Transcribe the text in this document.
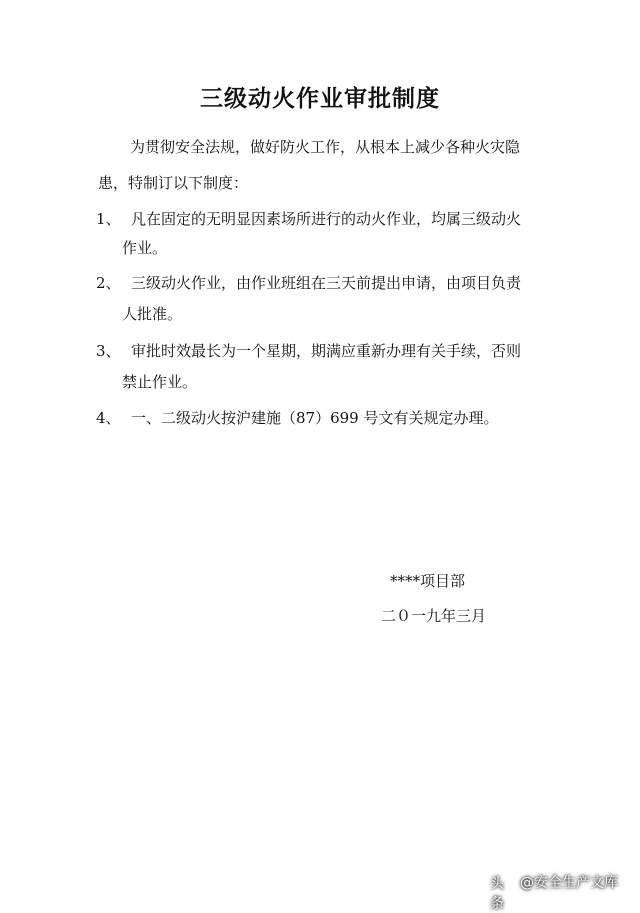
三级动火作业审批制度
为贯彻安全法规，做好防火工作，从根本上减少各种火灾隐
患，特制订以下制度：
1、 凡在固定的无明显因素场所进行的动火作业，均属三级动火
作业。
2、 三级动火作业，由作业班组在三天前提出申请，由项目负责
人批准。
3、 审批时效最长为一个星期，期满应重新办理有关手续，否则
禁止作业。
4、 一、二级动火按沪建施（87）699 号文有关规定办理。
****项目部
二０一九年三月
头条
@安全生产文库
